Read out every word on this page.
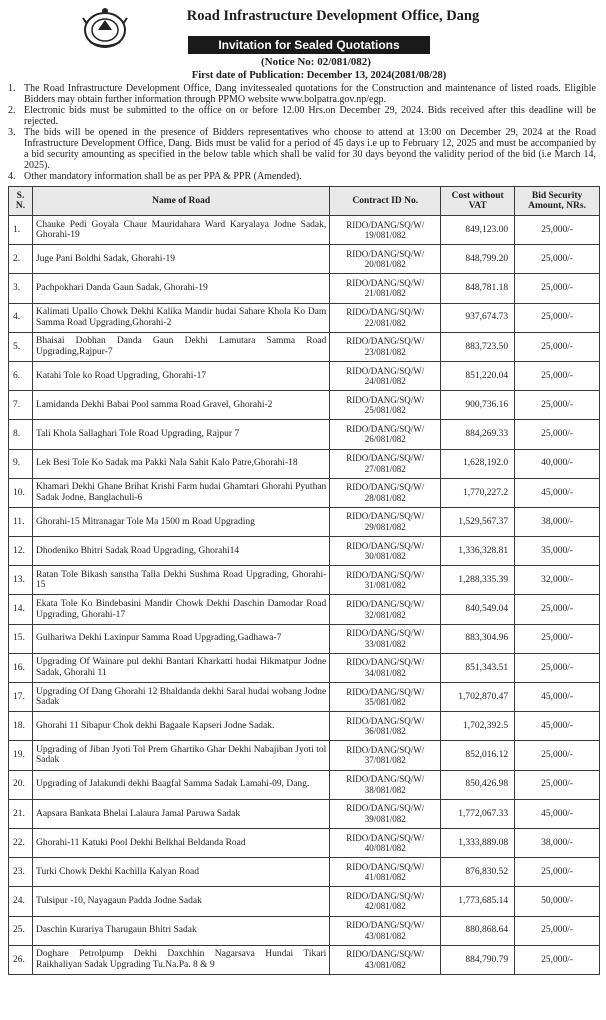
Road Infrastructure Development Office, Dang
Invitation for Sealed Quotations
(Notice No: 02/081/082)
First date of Publication: December 13, 2024(2081/08/28)
1. The Road Infrastructure Development Office, Dang invitessealed quotations for the Construction and maintenance of listed roads. Eligible Bidders may obtain further information through PPMO website www.bolpatra.gov.np/egp.
2. Electronic bids must be submitted to the office on or before 12.00 Hrs.on December 29, 2024. Bids received after this deadline will be rejected.
3. The bids will be opened in the presence of Bidders representatives who choose to attend at 13:00 on December 29, 2024 at the Road Infrastructure Development Office, Dang. Bids must be valid for a period of 45 days i.e up to February 12, 2025 and must be accompanied by a bid security amounting as specified in the below table which shall be valid for 30 days beyond the validity period of the bid (i.e March 14, 2025).
4. Other mandatory information shall be as per PPA & PPR (Amended).
S. N.	Name of Road	Contract ID No.	Cost without VAT	Bid Security Amount, NRs.
1.	Chauke Pedi Goyala Chaur Mauridahara Ward Karyalaya Jodne Sadak, Ghorahi-19	RIDO/DANG/SQ/W/ 19/081/082	849,123.00	25,000/-
2.	Juge Pani Boldhi Sadak, Ghorahi-19	RIDO/DANG/SQ/W/ 20/081/082	848,799.20	25,000/-
3.	Pachpokhari Danda Gaun Sadak, Ghorahi-19	RIDO/DANG/SQ/W/ 21/081/082	848,781.18	25,000/-
4.	Kalimati Upallo Chowk Dekhi Kalika Mandir hudai Sahare Khola Ko Dam Samma Road Upgrading,Ghorahi-2	RIDO/DANG/SQ/W/ 22/081/082	937,674.73	25,000/-
5.	Bhaisai Dobhan Danda Gaun Dekhi Lamutara Samma Road Upgrading,Rajpur-7	RIDO/DANG/SQ/W/ 23/081/082	883,723.50	25,000/-
6.	Katahi Tole ko Road Upgrading, Ghorahi-17	RIDO/DANG/SQ/W/ 24/081/082	851,220.04	25,000/-
7.	Lamidanda Dekhi Babai Pool samma Road Gravel, Ghorahi-2	RIDO/DANG/SQ/W/ 25/081/082	900,736.16	25,000/-
8.	Tali Khola Sallaghari Tole Road Upgrading, Rajpur 7	RIDO/DANG/SQ/W/ 26/081/082	884,269.33	25,000/-
9.	Lek Besi Tole Ko Sadak ma Pakki Nala Sahit Kalo Patre,Ghorahi-18	RIDO/DANG/SQ/W/ 27/081/082	1,628,192.0	40,000/-
10.	Khamari Dekhi Ghane Brihat Krishi Farm hudai Ghamtari Ghorahi Pyuthan Sadak Jodne, Banglachuli-6	RIDO/DANG/SQ/W/ 28/081/082	1,770,227.2	45,000/-
11.	Ghorahi-15 Mitranagar Tole Ma 1500 m Road Upgrading	RIDO/DANG/SQ/W/ 29/081/082	1,529,567.37	38,000/-
12.	Dhodeniko Bhitri Sadak Road Upgrading, Ghorahi14	RIDO/DANG/SQ/W/ 30/081/082	1,336,328.81	35,000/-
13.	Ratan Tole Bikash sanstha Talla Dekhi Sushma Road Upgrading, Ghorahi-15	RIDO/DANG/SQ/W/ 31/081/082	1,288,335.39	32,000/-
14.	Ekata Tole Ko Bindebasini Mandir Chowk Dekhi Daschin Damodar Road Upgrading, Ghorahi-17	RIDO/DANG/SQ/W/ 32/081/082	840,549.04	25,000/-
15.	Gulhariwa Dekhi Laxinpur Samma Road Upgrading,Gadhawa-7	RIDO/DANG/SQ/W/ 33/081/082	883,304.96	25,000/-
16.	Upgrading Of Wainare pul dekhi Bantari Kharkatti hudai Hikmatpur Jodne Sadak, Ghorahi 11	RIDO/DANG/SQ/W/ 34/081/082	851,343.51	25,000/-
17.	Upgrading Of Dang Ghorahi 12 Bhaldanda dekhi Saral hudai wobang Jodne Sadak	RIDO/DANG/SQ/W/ 35/081/082	1,702,870.47	45,000/-
18.	Ghorahi 11 Sibapur Chok dekhi Bagaale Kapseri Jodne Sadak.	RIDO/DANG/SQ/W/ 36/081/082	1,702,392.5	45,000/-
19.	Upgrading of Jiban Jyoti Tol Prem Ghartiko Ghar Dekhi Nabajiban Jyoti tol Sadak	RIDO/DANG/SQ/W/ 37/081/082	852,016.12	25,000/-
20.	Upgrading of Jalakundi dekhi Baagfal Samma Sadak Lamahi-09, Dang.	RIDO/DANG/SQ/W/ 38/081/082	850,426.98	25,000/-
21.	Aapsara Bankata Bhelai Lalaura Jamal Paruwa Sadak	RIDO/DANG/SQ/W/ 39/081/082	1,772,067.33	45,000/-
22.	Ghorahi-11 Katuki Pool Dekhi Belkhal Beldanda Road	RIDO/DANG/SQ/W/ 40/081/082	1,333,889.08	38,000/-
23.	Turki Chowk Dekhi Kachilla Kalyan Road	RIDO/DANG/SQ/W/ 41/081/082	876,830.52	25,000/-
24.	Tulsipur -10, Nayagaun Padda Jodne Sadak	RIDO/DANG/SQ/W/ 42/081/082	1,773,685.14	50,000/-
25.	Daschin Kurariya Tharugaun Bhitri Sadak	RIDO/DANG/SQ/W/ 43/081/082	880,868.64	25,000/-
26.	Doghare Petrolpump Dekhi Daxchhin Nagarsava Hundai Tikari Raikhaliyan Sadak Upgrading Tu.Na.Pa. 8 & 9	RIDO/DANG/SQ/W/ 43/081/082	884,790.79	25,000/-
